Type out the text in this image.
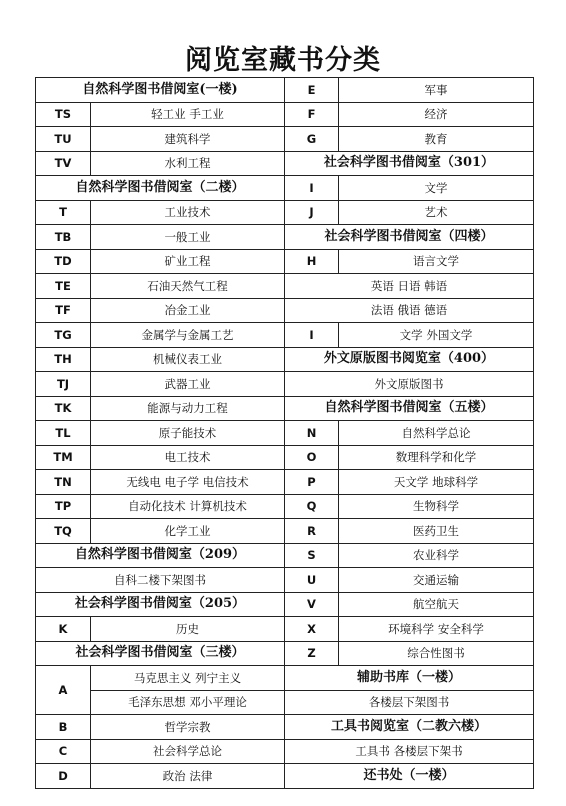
阅览室藏书分类
自然科学图书借阅室(一楼)		E	军事
TS	轻工业 手工业	F	经济
TU	建筑科学	G	教育
TV	水利工程	社会科学图书借阅室（301）	
自然科学图书借阅室（二楼）		I	文学
T	工业技术	J	艺术
TB	一般工业	社会科学图书借阅室（四楼）	
TD	矿业工程	H	语言文学
TE	石油天然气工程	英语 日语 韩语	
TF	冶金工业	法语 俄语 德语	
TG	金属学与金属工艺	I	文学 外国文学
TH	机械仪表工业	外文原版图书阅览室（400）	
TJ	武器工业	外文原版图书	
TK	能源与动力工程	自然科学图书借阅室（五楼）	
TL	原子能技术	N	自然科学总论
TM	电工技术	O	数理科学和化学
TN	无线电 电子学 电信技术	P	天文学 地球科学
TP	自动化技术 计算机技术	Q	生物科学
TQ	化学工业	R	医药卫生
自然科学图书借阅室（209）		S	农业科学
自科二楼下架图书		U	交通运输
社会科学图书借阅室（205）		V	航空航天
K	历史	X	环境科学 安全科学
社会科学图书借阅室（三楼）		Z	综合性图书
A	马克思主义 列宁主义	辅助书库（一楼）	
	毛泽东思想 邓小平理论	各楼层下架图书	
B	哲学宗教	工具书阅览室（二教六楼）	
C	社会科学总论	工具书 各楼层下架书	
D	政治 法律	还书处（一楼）	
